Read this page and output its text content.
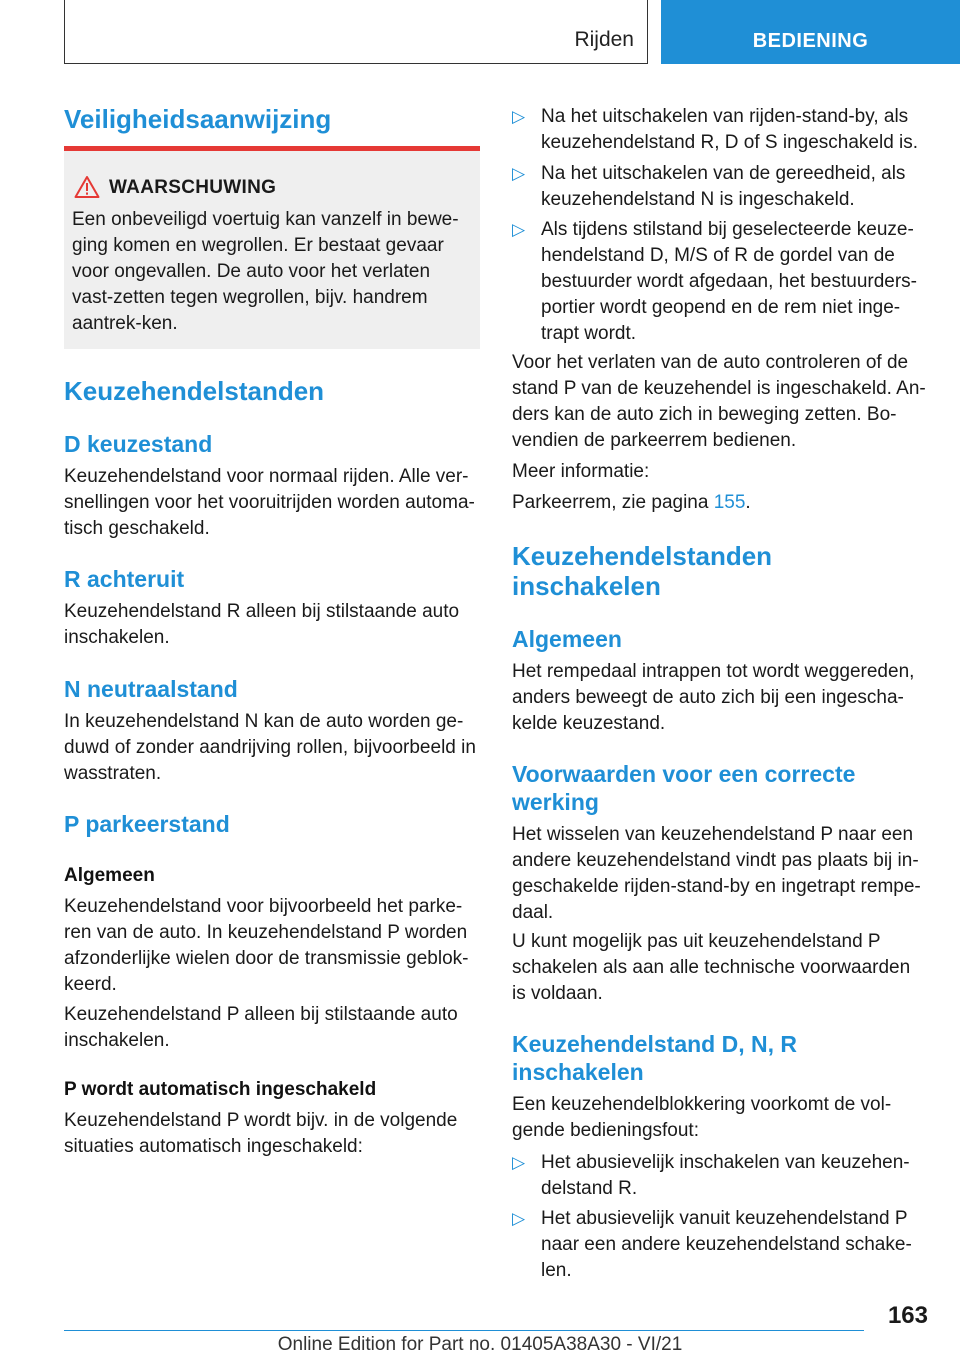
Rijden	BEDIENING
Veiligheidsaanwijzing
WAARSCHUWING

Een onbeveiligd voertuig kan vanzelf in bewe-ging komen en wegrollen. Er bestaat gevaar voor ongevallen. De auto voor het verlaten vast-zetten tegen wegrollen, bijv. handrem aantrek-ken.

Keuzehendelstanden
D keuzestand

Keuzehendelstand voor normaal rijden. Alle ver-snellingen voor het vooruitrijden worden automa-tisch geschakeld.

R achteruit

Keuzehendelstand R alleen bij stilstaande auto inschakelen.

N neutraalstand

In keuzehendelstand N kan de auto worden ge-duwd of zonder aandrijving rollen, bijvoorbeeld in wasstraten.

P parkeerstand
Algemeen

Keuzehendelstand voor bijvoorbeeld het parke-ren van de auto. In keuzehendelstand P worden afzonderlijke wielen door de transmissie geblok-keerd.

Keuzehendelstand P alleen bij stilstaande auto inschakelen.

P wordt automatisch ingeschakeld

Keuzehendelstand P wordt bijv. in de volgende situaties automatisch ingeschakeld:

▷ Na het uitschakelen van rijden-stand-by, als keuzehendelstand R, D of S ingeschakeld is.

▷ Na het uitschakelen van de gereedheid, als keuzehendelstand N is ingeschakeld.

▷ Als tijdens stilstand bij geselecteerde keuze-hendelstand D, M/S of R de gordel van de bestuurder wordt afgedaan, het bestuurders-portier wordt geopend en de rem niet inge-trapt wordt.

Voor het verlaten van de auto controleren of de stand P van de keuzehendel is ingeschakeld. An-ders kan de auto zich in beweging zetten. Bo-vendien de parkeerrem bedienen.

Meer informatie:

Parkeerrem, zie pagina 155.

Keuzehendelstanden inschakelen
Algemeen

Het rempedaal intrappen tot wordt weggereden, anders beweegt de auto zich bij een ingescha-kelde keuzestand.

Voorwaarden voor een correcte werking

Het wisselen van keuzehendelstand P naar een andere keuzehendelstand vindt pas plaats bij in-geschakelde rijden-stand-by en ingetrapt rempe-daal.

U kunt mogelijk pas uit keuzehendelstand P schakelen als aan alle technische voorwaarden is voldaan.

Keuzehendelstand D, N, R inschakelen

Een keuzehendelblokkering voorkomt de vol-gende bedieningsfout:

▷ Het abusievelijk inschakelen van keuzehen-delstand R.

▷ Het abusievelijk vanuit keuzehendelstand P naar een andere keuzehendelstand schake-len.

163
Online Edition for Part no. 01405A38A30 - VI/21
